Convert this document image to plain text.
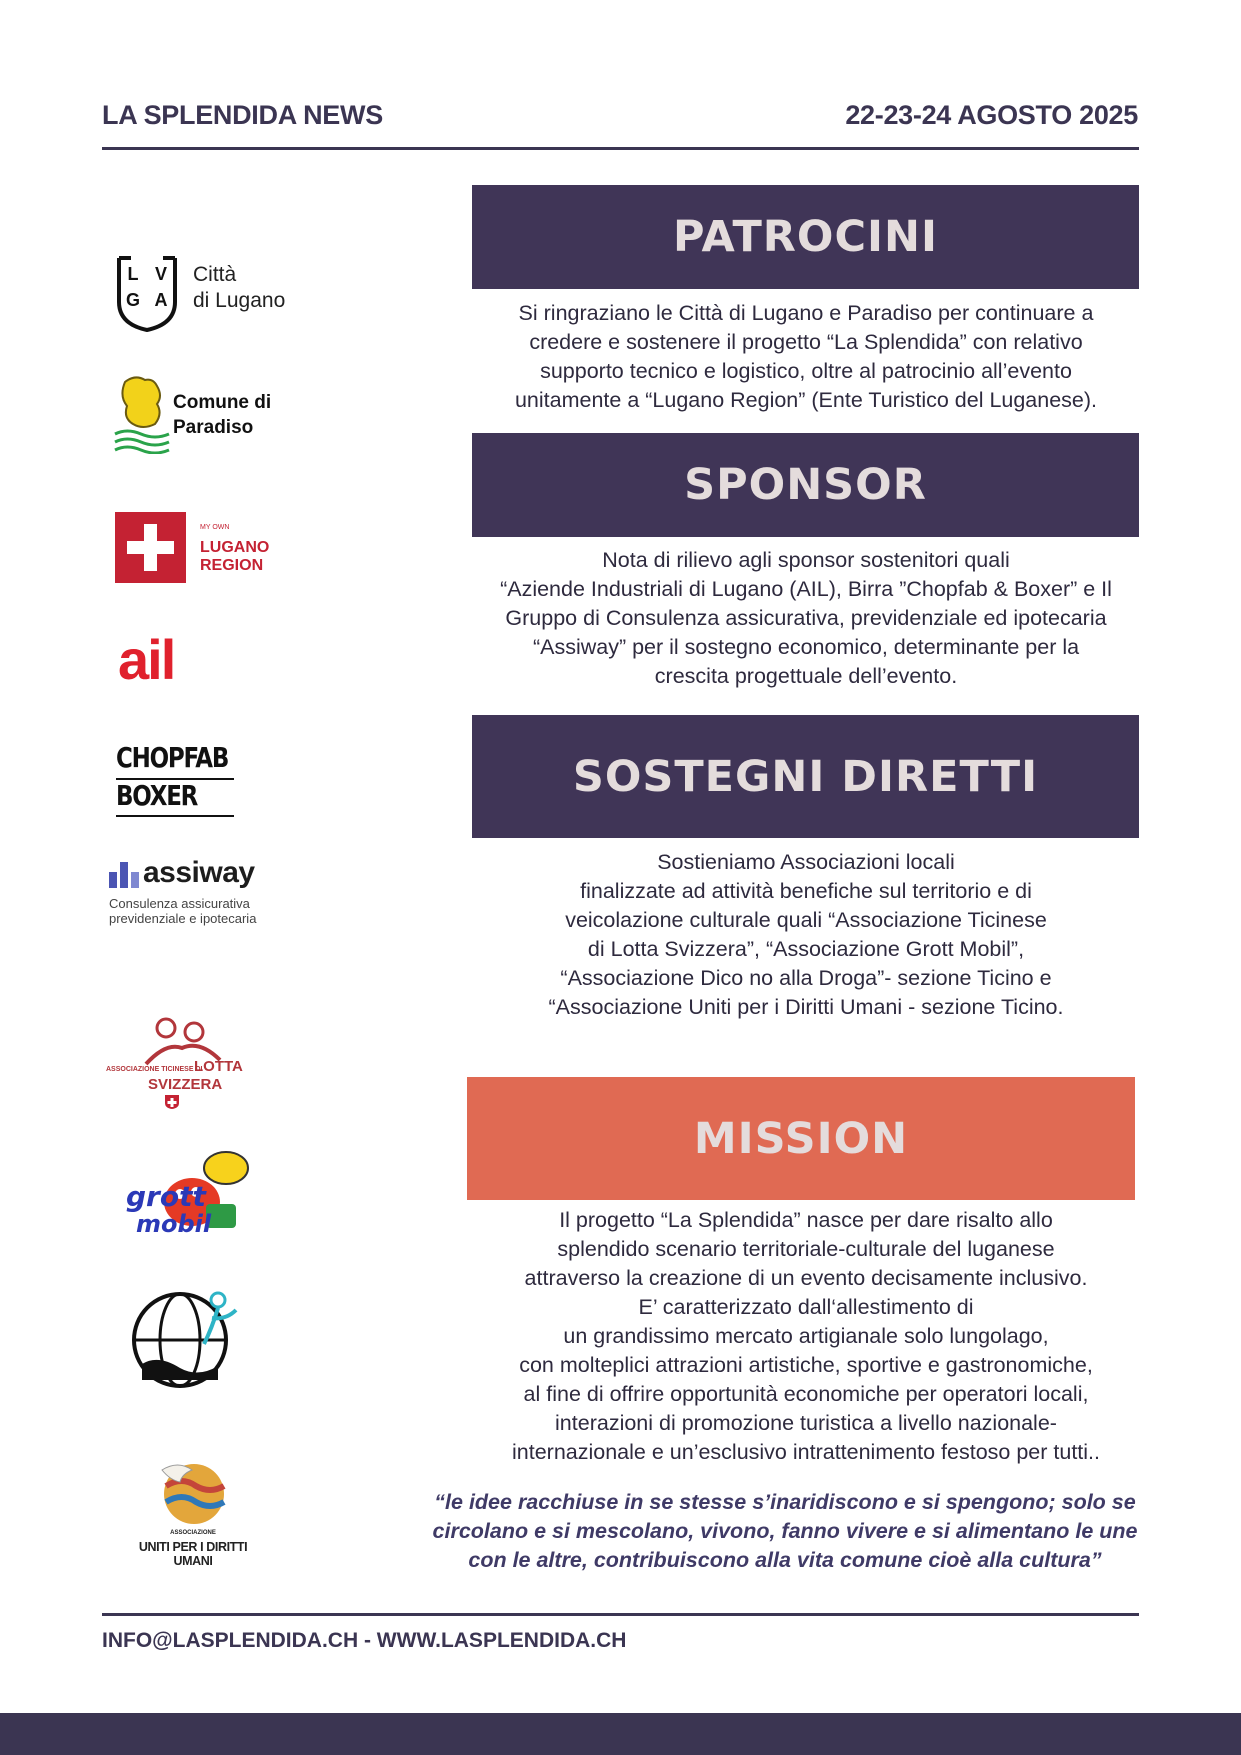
LA SPLENDIDA NEWS	22-23-24 AGOSTO 2025
L V
G A
Città
di Lugano
Comune di
Paradiso
MY OWN
LUGANO
REGION
ail
CHOPFAB
BOXER
assiway
Consulenza assicurativa
previdenziale e ipotecaria
ASSOCIAZIONE TICINESE DI
LOTTA
SVIZZERA
grott
mobil
ASSOCIAZIONE
UNITI PER I DIRITTI UMANI
PATROCINI
Si ringraziano le Città di Lugano e Paradiso per continuare a
credere e sostenere il progetto “La Splendida” con relativo
supporto tecnico e logistico, oltre al patrocinio all’evento
unitamente a “Lugano Region” (Ente Turistico del Luganese).
SPONSOR
Nota di rilievo agli sponsor sostenitori quali
“Aziende Industriali di Lugano (AIL), Birra ”Chopfab & Boxer” e Il
Gruppo di Consulenza assicurativa, previdenziale ed ipotecaria
“Assiway” per il sostegno economico, determinante per la
crescita progettuale dell’evento.
SOSTEGNI DIRETTI
Sostieniamo Associazioni locali
finalizzate ad attività benefiche sul territorio e di
veicolazione culturale quali “Associazione Ticinese
di Lotta Svizzera”, “Associazione Grott Mobil”,
“Associazione Dico no alla Droga”- sezione Ticino e
“Associazione Uniti per i Diritti Umani - sezione Ticino.
MISSION
Il progetto “La Splendida” nasce per dare risalto allo
splendido scenario territoriale-culturale del luganese
attraverso la creazione di un evento decisamente inclusivo.
E’ caratterizzato dall‘allestimento di
un grandissimo mercato artigianale solo lungolago,
con molteplici attrazioni artistiche, sportive e gastronomiche,
al fine di offrire opportunità economiche per operatori locali,
interazioni di promozione turistica a livello nazionale-
internazionale e un’esclusivo intrattenimento festoso per tutti..
“le idee racchiuse in se stesse s’inaridiscono e si spengono; solo se
circolano e si mescolano, vivono, fanno vivere e si alimentano le une
con le altre, contribuiscono alla vita comune cioè alla cultura”
INFO@LASPLENDIDA.CH - WWW.LASPLENDIDA.CH
